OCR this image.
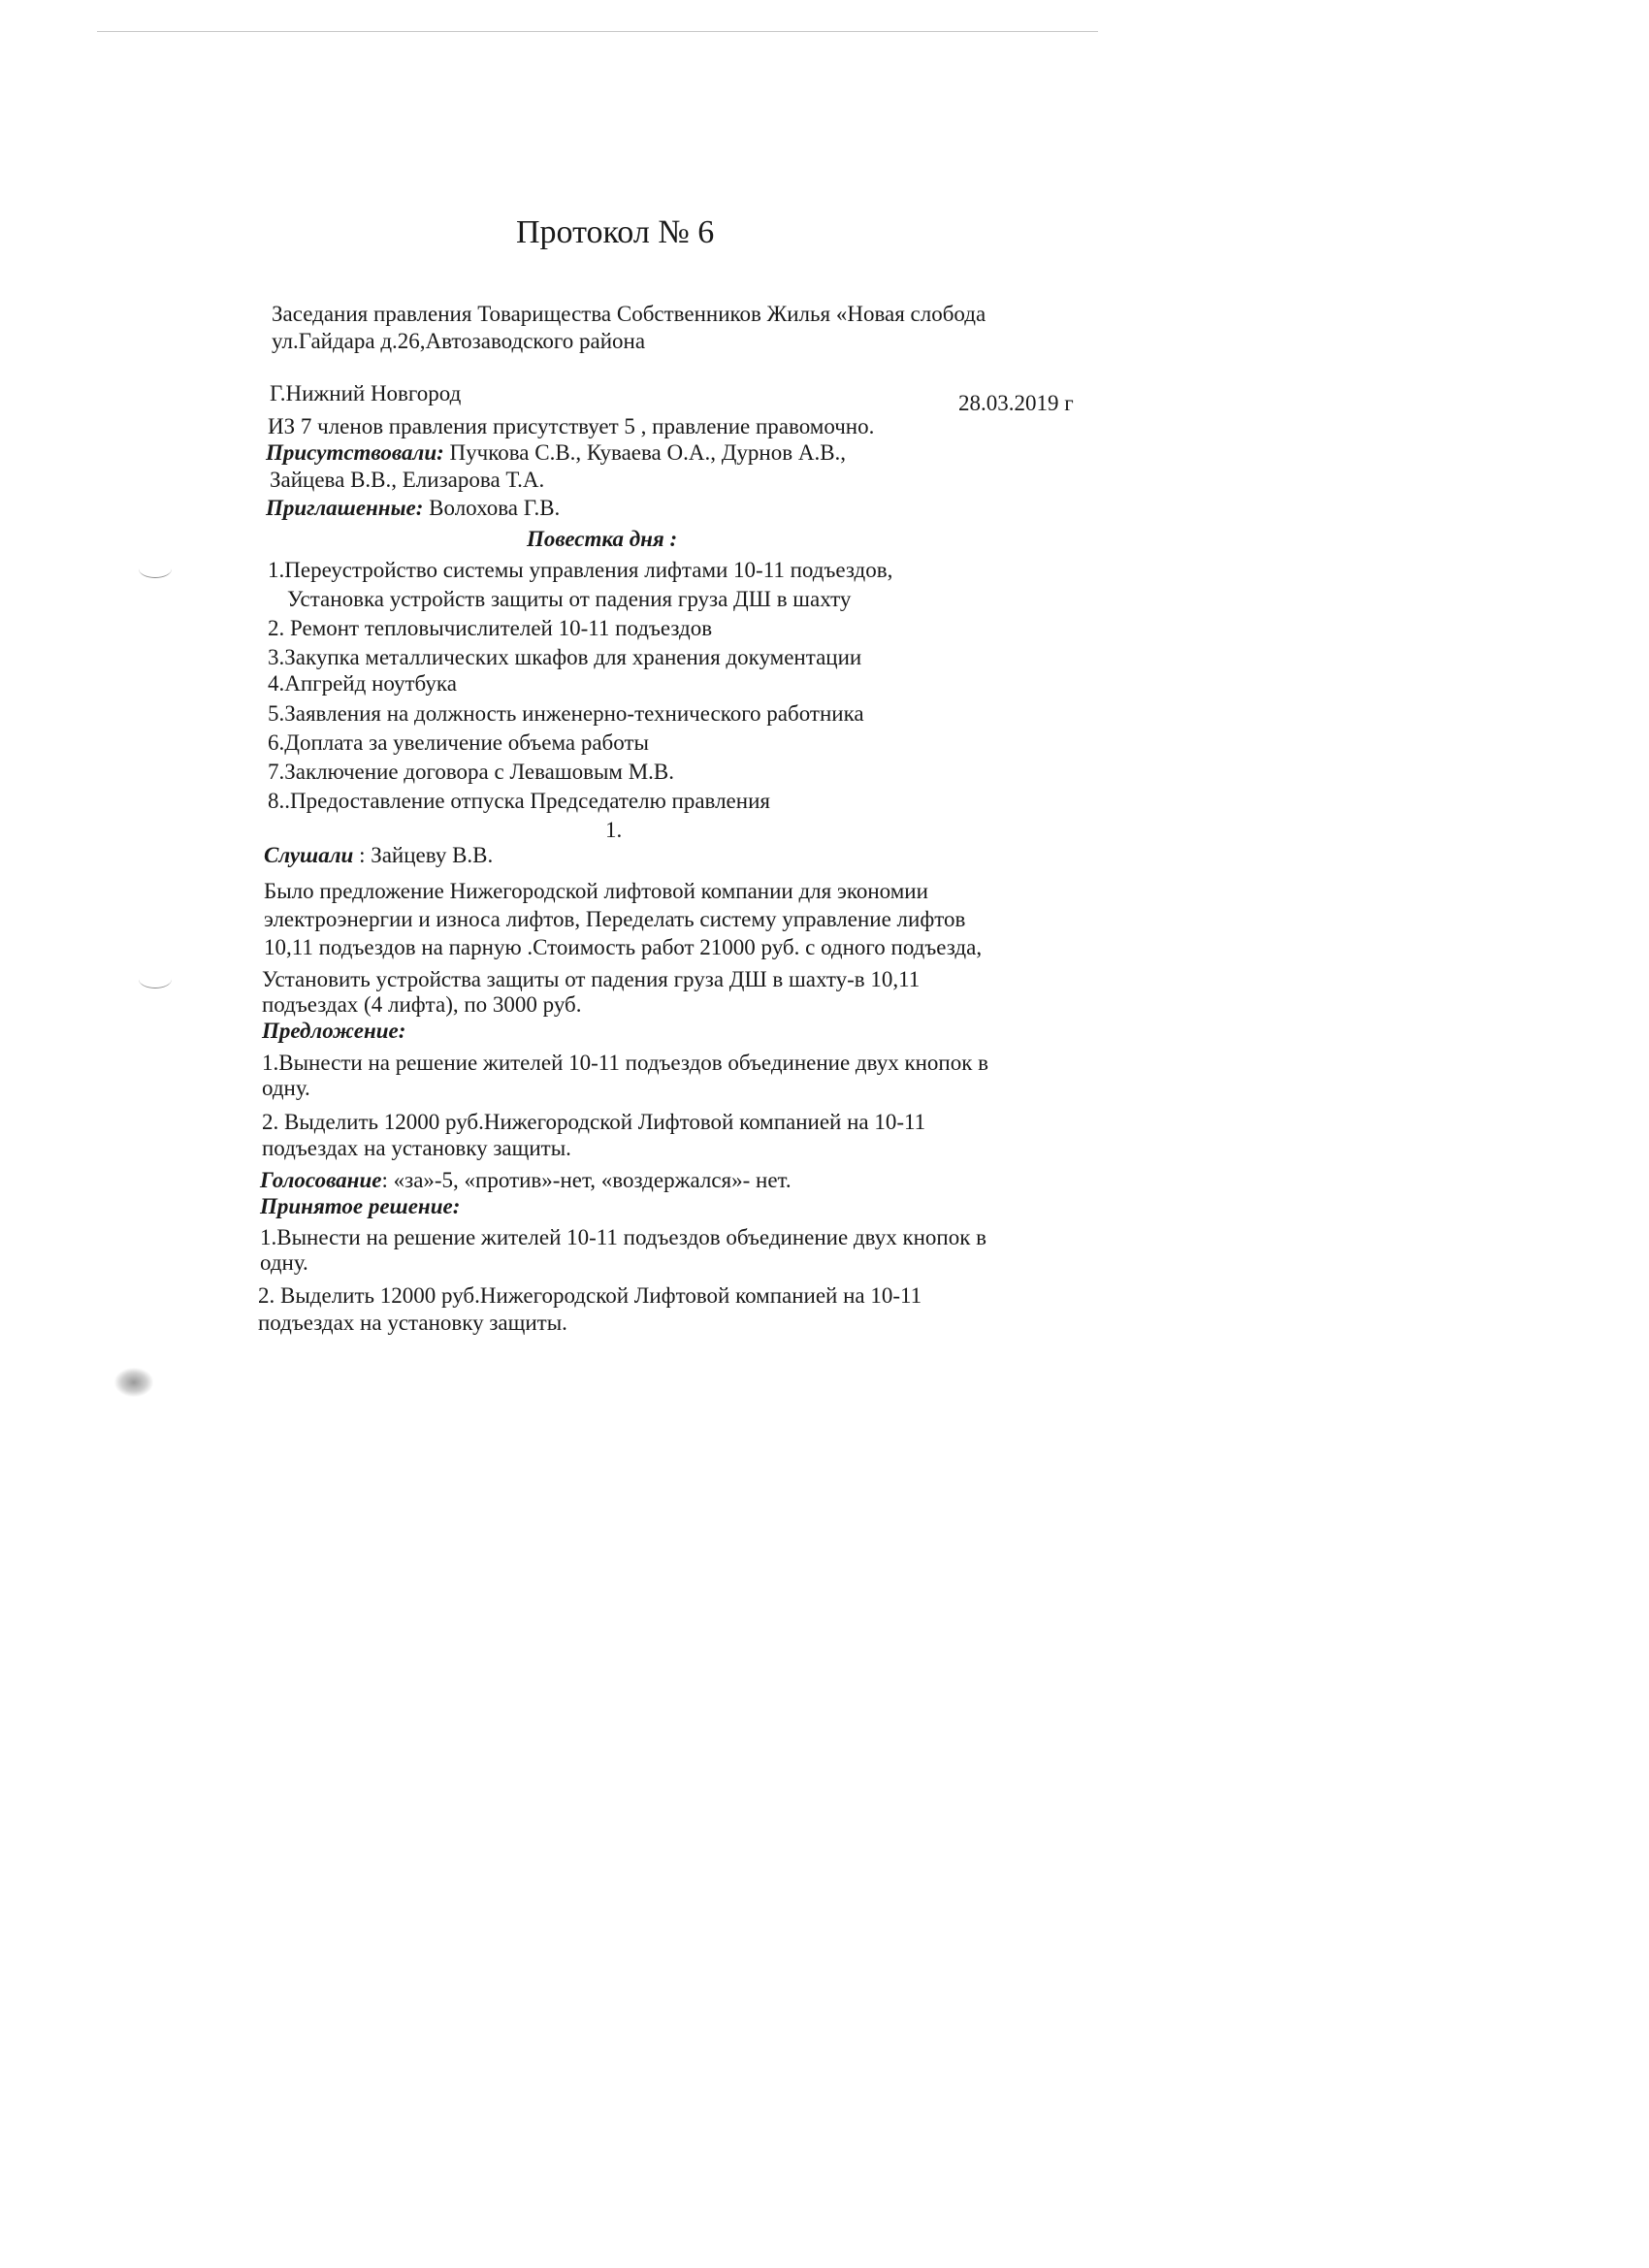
Протокол № 6
Заседания правления Товарищества Собственников Жилья «Новая слобода
ул.Гайдара д.26,Автозаводского района
Г.Нижний Новгород	28.03.2019 г
ИЗ 7 членов правления присутствует 5 , правление правомочно.
Присутствовали: Пучкова С.В., Куваева О.А., Дурнов А.В.,
Зайцева В.В., Елизарова Т.А.
Приглашенные: Волохова Г.В.
Повестка дня :
1.Переустройство системы управления лифтами 10-11 подъездов,
Установка устройств защиты от падения груза ДШ в шахту
2. Ремонт тепловычислителей 10-11 подъездов
3.Закупка металлических шкафов для хранения документации
4.Апгрейд ноутбука
5.Заявления на должность инженерно-технического работника
6.Доплата за увеличение объема работы
7.Заключение договора с Левашовым М.В.
8..Предоставление отпуска Председателю правления
1.
Слушали : Зайцеву В.В.
Было предложение Нижегородской лифтовой компании для экономии
электроэнергии и износа лифтов, Переделать систему управление лифтов
10,11 подъездов на парную .Стоимость работ 21000 руб. с одного подъезда,
Установить устройства защиты от падения груза ДШ в шахту-в 10,11
подъездах (4 лифта), по 3000 руб.
Предложение:
1.Вынести на решение жителей 10-11 подъездов объединение двух кнопок в
одну.
2. Выделить 12000 руб.Нижегородской Лифтовой компанией на 10-11
подъездах на установку защиты.
Голосование: «за»-5, «против»-нет, «воздержался»- нет.
Принятое решение:
1.Вынести на решение жителей 10-11 подъездов объединение двух кнопок в
одну.
2. Выделить 12000 руб.Нижегородской Лифтовой компанией на 10-11
подъездах на установку защиты.
